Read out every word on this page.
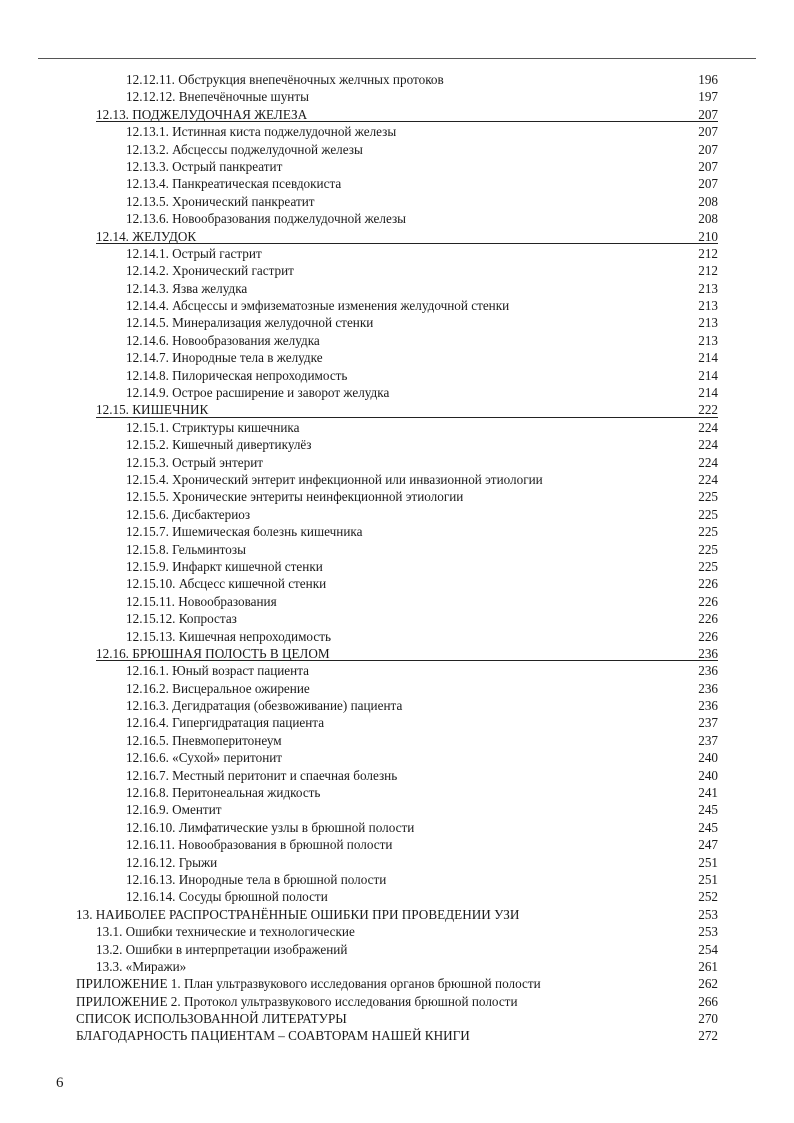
12.12.11. Обструкция внепечёночных желчных протоков	196
12.12.12. Внепечёночные шунты	197
12.13. ПОДЖЕЛУДОЧНАЯ ЖЕЛЕЗА	207
12.13.1. Истинная киста поджелудочной железы	207
12.13.2. Абсцессы поджелудочной железы	207
12.13.3. Острый панкреатит	207
12.13.4. Панкреатическая псевдокиста	207
12.13.5. Хронический панкреатит	208
12.13.6. Новообразования поджелудочной железы	208
12.14. ЖЕЛУДОК	210
12.14.1. Острый гастрит	212
12.14.2. Хронический гастрит	212
12.14.3. Язва желудка	213
12.14.4. Абсцессы и эмфизематозные изменения желудочной стенки	213
12.14.5. Минерализация желудочной стенки	213
12.14.6. Новообразования желудка	213
12.14.7. Инородные тела в желудке	214
12.14.8. Пилорическая непроходимость	214
12.14.9. Острое расширение и заворот желудка	214
12.15. КИШЕЧНИК	222
12.15.1. Стриктуры кишечника	224
12.15.2. Кишечный дивертикулёз	224
12.15.3. Острый энтерит	224
12.15.4. Хронический энтерит инфекционной или инвазионной этиологии	224
12.15.5. Хронические энтериты неинфекционной этиологии	225
12.15.6. Дисбактериоз	225
12.15.7. Ишемическая болезнь кишечника	225
12.15.8. Гельминтозы	225
12.15.9. Инфаркт кишечной стенки	225
12.15.10. Абсцесс кишечной стенки	226
12.15.11. Новообразования	226
12.15.12. Копростаз	226
12.15.13. Кишечная непроходимость	226
12.16. БРЮШНАЯ ПОЛОСТЬ В ЦЕЛОМ	236
12.16.1. Юный возраст пациента	236
12.16.2. Висцеральное ожирение	236
12.16.3. Дегидратация (обезвоживание) пациента	236
12.16.4. Гипергидратация пациента	237
12.16.5. Пневмоперитонеум	237
12.16.6. «Сухой» перитонит	240
12.16.7. Местный перитонит и спаечная болезнь	240
12.16.8. Перитонеальная жидкость	241
12.16.9. Оментит	245
12.16.10. Лимфатические узлы в брюшной полости	245
12.16.11. Новообразования в брюшной полости	247
12.16.12. Грыжи	251
12.16.13. Инородные тела в брюшной полости	251
12.16.14. Сосуды брюшной полости	252
13. НАИБОЛЕЕ РАСПРОСТРАНЁННЫЕ ОШИБКИ ПРИ ПРОВЕДЕНИИ УЗИ	253
13.1. Ошибки технические и технологические	253
13.2. Ошибки в интерпретации изображений	254
13.3. «Миражи»	261
ПРИЛОЖЕНИЕ 1. План ультразвукового исследования органов брюшной полости	262
ПРИЛОЖЕНИЕ 2. Протокол ультразвукового исследования брюшной полости	266
СПИСОК ИСПОЛЬЗОВАННОЙ ЛИТЕРАТУРЫ	270
БЛАГОДАРНОСТЬ ПАЦИЕНТАМ – СОАВТОРАМ НАШЕЙ КНИГИ	272
6
